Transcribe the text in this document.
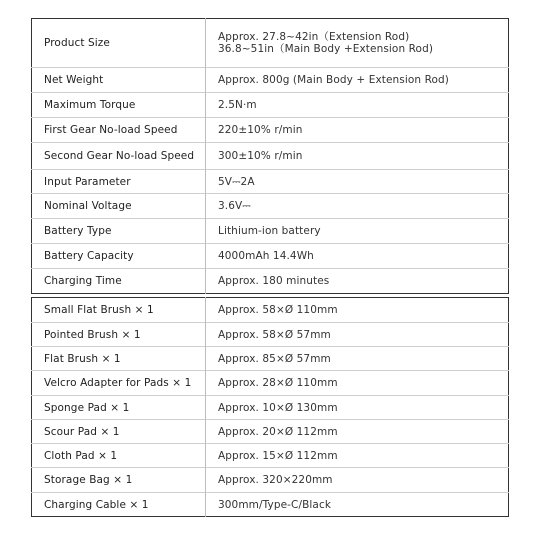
Product Size	Approx. 27.8~42in（Extension Rod)
36.8~51in（Main Body +Extension Rod)

Net Weight	Approx. 800g (Main Body + Extension Rod)
Maximum Torque	2.5N·m
First Gear No-load Speed	220±10% r/min
Second Gear No-load Speed	300±10% r/min
Input Parameter	5V⎓2A
Nominal Voltage	3.6V⎓
Battery Type	Lithium-ion battery
Battery Capacity	4000mAh 14.4Wh
Charging Time	Approx. 180 minutes
Small Flat Brush × 1	Approx. 58×Ø 110mm
Pointed Brush × 1	Approx. 58×Ø 57mm
Flat Brush × 1	Approx. 85×Ø 57mm
Velcro Adapter for Pads × 1	Approx. 28×Ø 110mm
Sponge Pad × 1	Approx. 10×Ø 130mm
Scour Pad × 1	Approx. 20×Ø 112mm
Cloth Pad × 1	Approx. 15×Ø 112mm
Storage Bag × 1	Approx. 320×220mm
Charging Cable × 1	300mm/Type-C/Black
